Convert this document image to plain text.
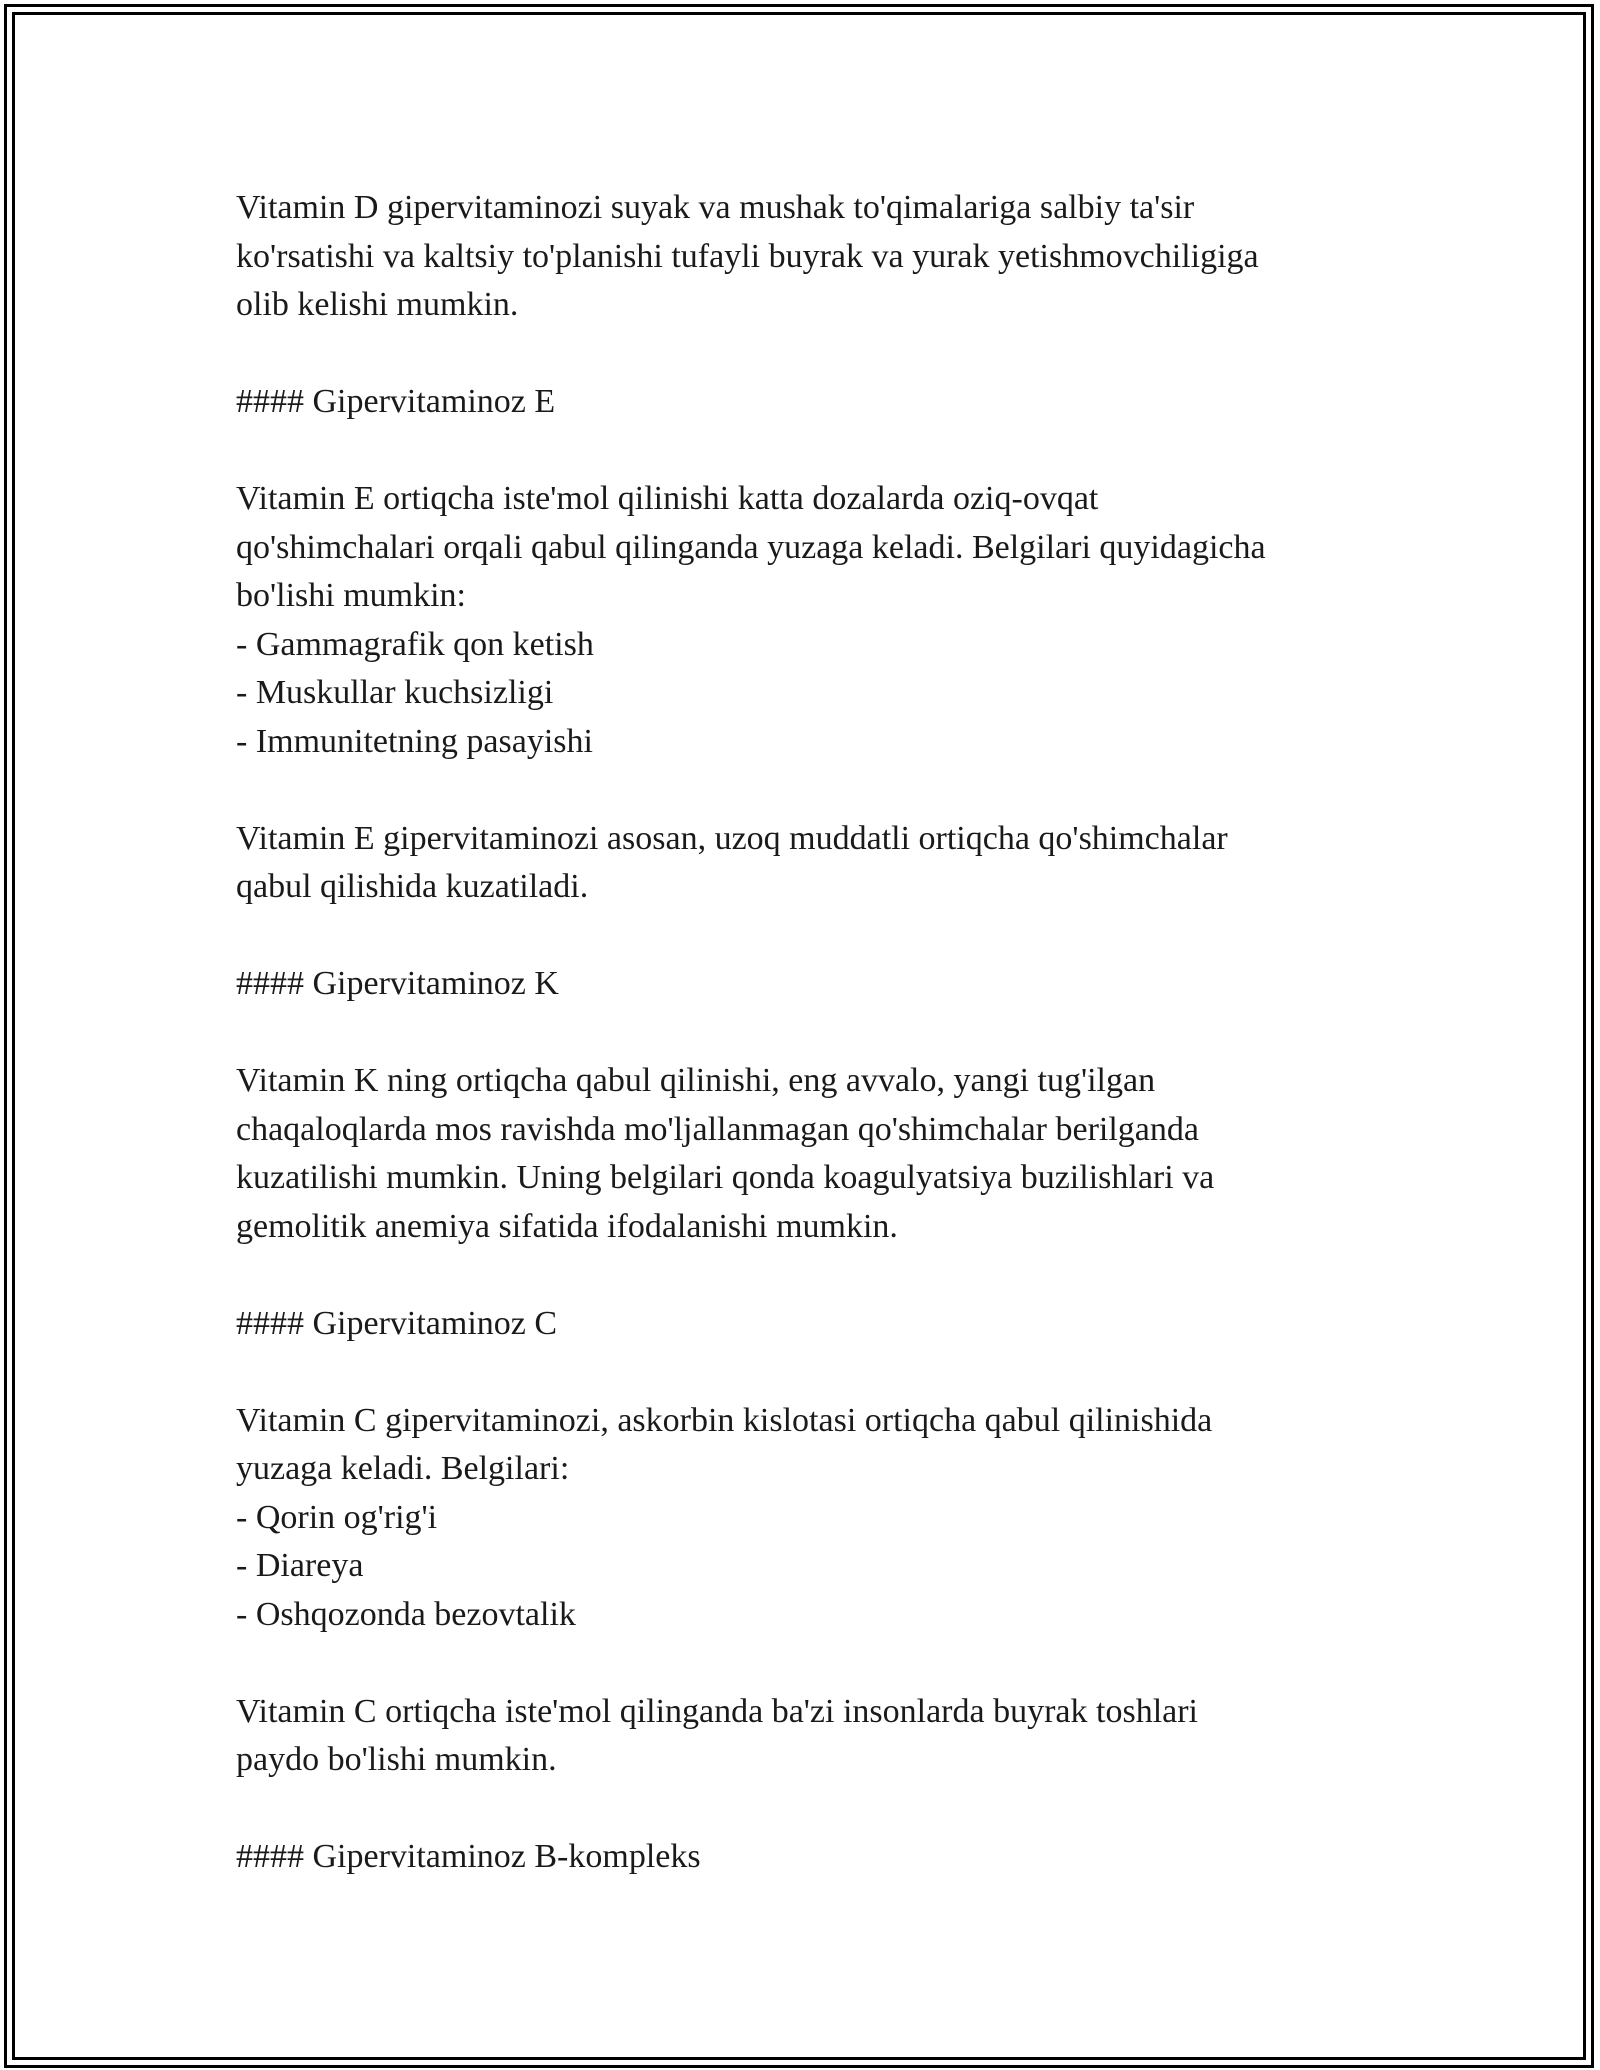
Vitamin D gipervitaminozi suyak va mushak to'qimalariga salbiy ta'sir
ko'rsatishi va kaltsiy to'planishi tufayli buyrak va yurak yetishmovchiligiga
olib kelishi mumkin.
#### Gipervitaminoz E
Vitamin E ortiqcha iste'mol qilinishi katta dozalarda oziq-ovqat
qo'shimchalari orqali qabul qilinganda yuzaga keladi. Belgilari quyidagicha
bo'lishi mumkin:
- Gammagrafik qon ketish
- Muskullar kuchsizligi
- Immunitetning pasayishi
Vitamin E gipervitaminozi asosan, uzoq muddatli ortiqcha qo'shimchalar
qabul qilishida kuzatiladi.
#### Gipervitaminoz K
Vitamin K ning ortiqcha qabul qilinishi, eng avvalo, yangi tug'ilgan
chaqaloqlarda mos ravishda mo'ljallanmagan qo'shimchalar berilganda
kuzatilishi mumkin. Uning belgilari qonda koagulyatsiya buzilishlari va
gemolitik anemiya sifatida ifodalanishi mumkin.
#### Gipervitaminoz C
Vitamin C gipervitaminozi, askorbin kislotasi ortiqcha qabul qilinishida
yuzaga keladi. Belgilari:
- Qorin og'rig'i
- Diareya
- Oshqozonda bezovtalik
Vitamin C ortiqcha iste'mol qilinganda ba'zi insonlarda buyrak toshlari
paydo bo'lishi mumkin.
#### Gipervitaminoz B-kompleks
